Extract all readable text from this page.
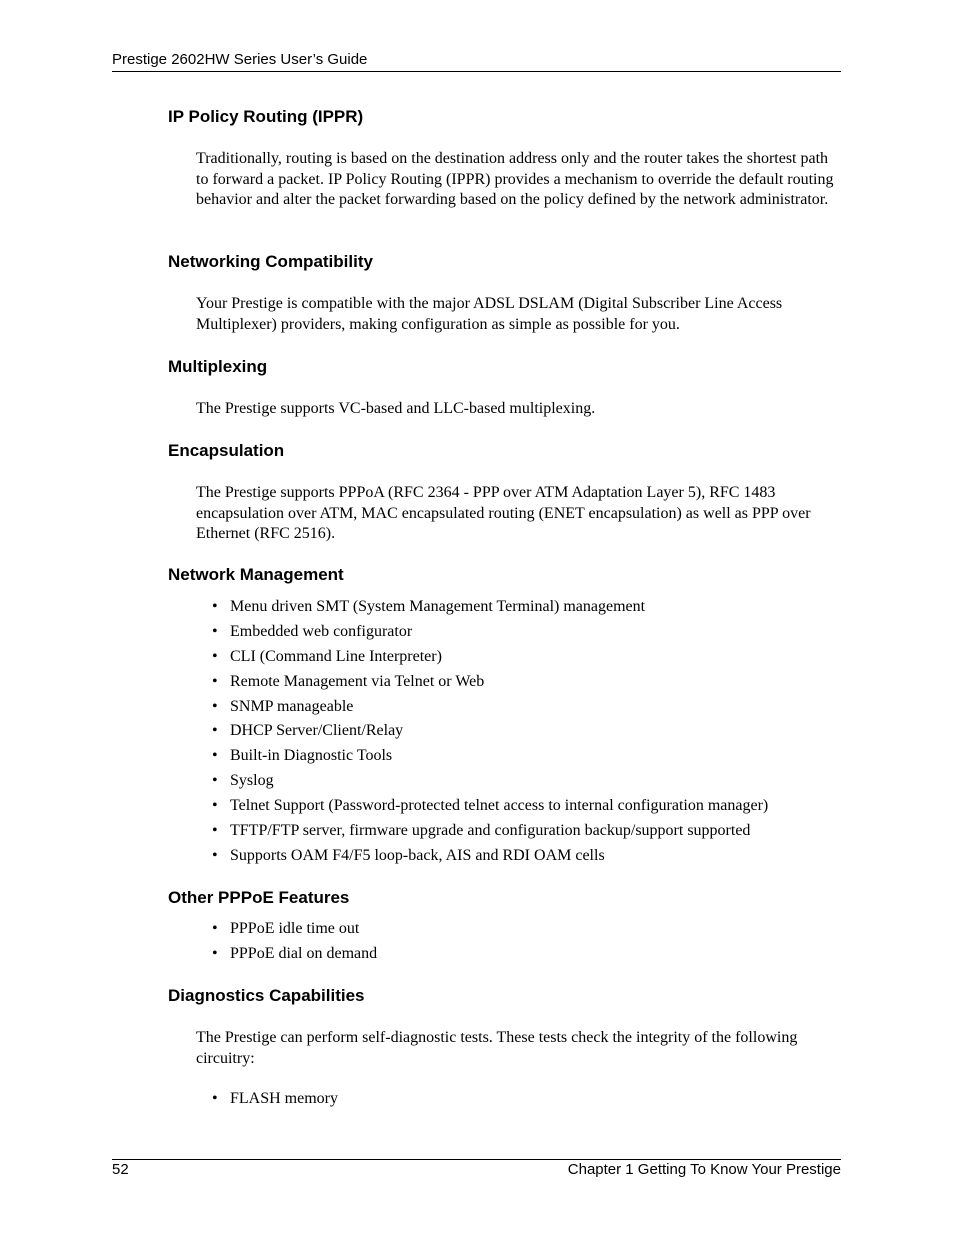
Prestige 2602HW Series User’s Guide
IP Policy Routing (IPPR)

Traditionally, routing is based on the destination address only and the router takes the shortest path to forward a packet. IP Policy Routing (IPPR) provides a mechanism to override the default routing behavior and alter the packet forwarding based on the policy defined by the network administrator.

Networking Compatibility

Your Prestige is compatible with the major ADSL DSLAM (Digital Subscriber Line Access Multiplexer) providers, making configuration as simple as possible for you.

Multiplexing

The Prestige supports VC-based and LLC-based multiplexing.

Encapsulation

The Prestige supports PPPoA (RFC 2364 - PPP over ATM Adaptation Layer 5), RFC 1483 encapsulation over ATM, MAC encapsulated routing (ENET encapsulation) as well as PPP over Ethernet (RFC 2516).

Network Management
• Menu driven SMT (System Management Terminal) management
• Embedded web configurator
• CLI (Command Line Interpreter)
• Remote Management via Telnet or Web
• SNMP manageable
• DHCP Server/Client/Relay
• Built-in Diagnostic Tools
• Syslog
• Telnet Support (Password-protected telnet access to internal configuration manager)
• TFTP/FTP server, firmware upgrade and configuration backup/support supported
• Supports OAM F4/F5 loop-back, AIS and RDI OAM cells
Other PPPoE Features
• PPPoE idle time out
• PPPoE dial on demand
Diagnostics Capabilities

The Prestige can perform self-diagnostic tests. These tests check the integrity of the following circuitry:

• FLASH memory
52	Chapter 1 Getting To Know Your Prestige
